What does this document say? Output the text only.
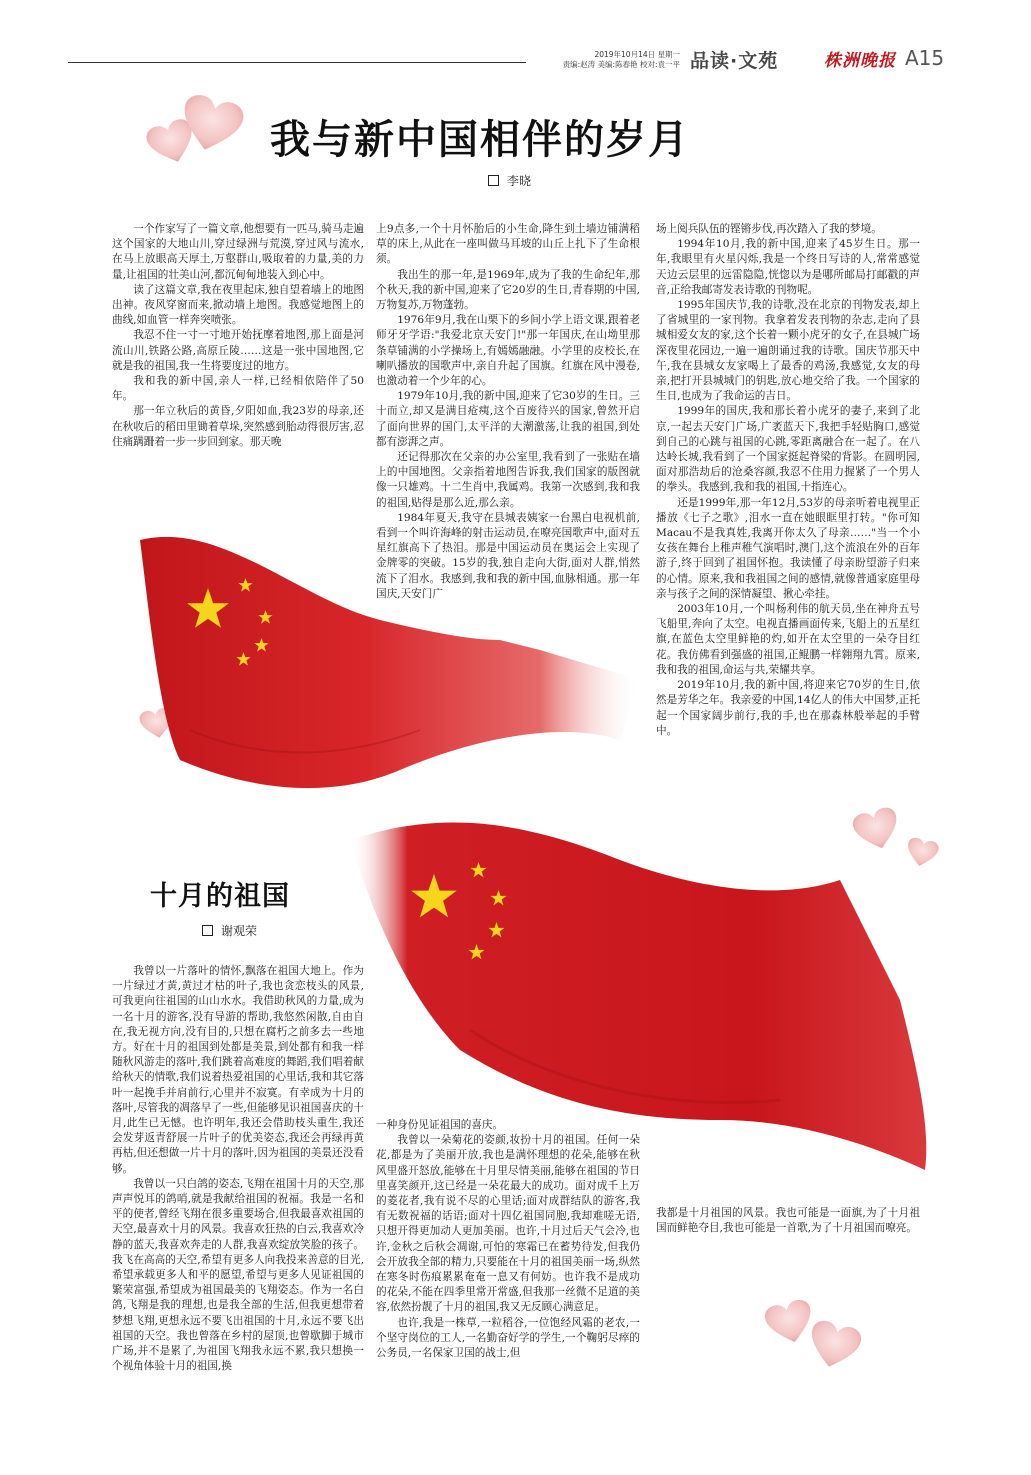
2019年10月14日 星期一
责编:赵涛 美编:陈春艳 校对:袁一平 品读·文苑	株洲晚报 A15
我与新中国相伴的岁月
李晓

一个作家写了一篇文章,他想要有一匹马,骑马走遍这个国家的大地山川,穿过绿洲与荒漠,穿过风与流水,在马上放眼高天厚土,万壑群山,吸取着的力量,美的力量,让祖国的壮美山河,都沉甸甸地装入到心中。

读了这篇文章,我在夜里起床,独自望着墙上的地图出神。夜风穿窗而来,掀动墙上地图。我感觉地图上的曲线,如血管一样奔突喷张。

我忍不住一寸一寸地开始抚摩着地图,那上面是河流山川,铁路公路,高原丘陵……这是一张中国地图,它就是我的祖国,我一生将要度过的地方。

我和我的新中国,亲人一样,已经相依陪伴了50年。

那一年立秋后的黄昏,夕阳如血,我23岁的母亲,还在秋收后的稻田里锄着草垛,突然感到胎动得很厉害,忍住痛蹒跚着一步一步回到家。那天晚

上9点多,一个十月怀胎后的小生命,降生到土墙边铺满稻草的床上,从此在一座叫做马耳坡的山丘上扎下了生命根须。

我出生的那一年,是1969年,成为了我的生命纪年,那个秋天,我的新中国,迎来了它20岁的生日,青春期的中国,万物复苏,万物蓬勃。

1976年9月,我在山栗下的乡间小学上语文课,跟着老师牙牙学语:"我爱北京天安门!"那一年国庆,在山坳里那条草铺满的小学操场上,有嫣嫣融融。小学里的皮校长,在喇叭播放的国歌声中,亲自升起了国旗。红旗在风中漫卷,也激动着一个少年的心。

1979年10月,我的新中国,迎来了它30岁的生日。三十而立,却又是满目疮痍,这个百废待兴的国家,曾然开启了面向世界的国门,太平洋的大潮激荡,让我的祖国,到处都有澎湃之声。

还记得那次在父亲的办公室里,我看到了一张贴在墙上的中国地图。父亲指着地图告诉我,我们国家的版图就像一只雄鸡。十二生肖中,我属鸡。我第一次感到,我和我的祖国,贴得是那么近,那么亲。

1984年夏天,我守在县城表姨家一台黑白电视机前,看到一个叫许海峰的射击运动员,在嘹亮国歌声中,面对五星红旗高下了热泪。那是中国运动员在奥运会上实现了金牌零的突破。15岁的我,独自走向大街,面对人群,悄然流下了泪水。我感到,我和我的新中国,血脉相通。那一年国庆,天安门广

场上阅兵队伍的铿锵步伐,再次踏入了我的梦境。

1994年10月,我的新中国,迎来了45岁生日。那一年,我眼里有火星闪烁,我是一个终日写诗的人,常常感觉天边云层里的远雷隐隐,恍惚以为是哪所邮局打邮戳的声音,正给我邮寄发表诗歌的刊物呢。

1995年国庆节,我的诗歌,没在北京的刊物发表,却上了省城里的一家刊物。我拿着发表刊物的杂志,走向了县城相爱女友的家,这个长着一颗小虎牙的女子,在县城广场深夜里花园边,一遍一遍朗诵过我的诗歌。国庆节那天中午,我在县城女友家喝上了最香的鸡汤,我感觉,女友的母亲,把打开县城城门的钥匙,放心地交给了我。一个国家的生日,也成为了我命运的吉日。

1999年的国庆,我和那长着小虎牙的妻子,来到了北京,一起去天安门广场,广袤蓝天下,我把手轻贴胸口,感觉到自己的心跳与祖国的心跳,零距离融合在一起了。在八达岭长城,我看到了一个国家挺起脊梁的背影。在圆明园,面对那浩劫后的沧桑容颜,我忍不住用力握紧了一个男人的拳头。我感到,我和我的祖国,十指连心。

还是1999年,那一年12月,53岁的母亲听着电视里正播放《七子之歌》,泪水一直在她眼眶里打转。"你可知Macau不是我真姓,我离开你太久了母亲……"当一个小女孩在舞台上稚声稚气演唱时,澳门,这个流浪在外的百年游子,终于回到了祖国怀抱。我读懂了母亲盼望游子归来的心情。原来,我和我祖国之间的感情,就像普通家庭里母亲与孩子之间的深情凝望、揪心牵挂。

2003年10月,一个叫杨利伟的航天员,坐在神舟五号飞船里,奔向了太空。电视直播画面传来,飞船上的五星红旗,在蓝色太空里鲜艳的灼,如开在太空里的一朵夺目红花。我仿佛看到强盛的祖国,正鲲鹏一样翱翔九霄。原来,我和我的祖国,命运与共,荣耀共享。

2019年10月,我的新中国,将迎来它70岁的生日,依然是芳华之年。我亲爱的中国,14亿人的伟大中国梦,正托起一个国家阔步前行,我的手,也在那森林般举起的手臂中。

十月的祖国
谢观荣

我曾以一片落叶的情怀,飘落在祖国大地上。作为一片绿过才黄,黄过才枯的叶子,我也贪恋枝头的风景,可我更向往祖国的山山水水。我借助秋风的力量,成为一名十月的游客,没有导游的帮助,我悠然闲散,自由自在,我无视方向,没有目的,只想在腐朽之前多去一些地方。好在十月的祖国到处都是美景,到处都有和我一样随秋风游走的落叶,我们跳着高难度的舞蹈,我们唱着献给秋天的情歌,我们说着热爱祖国的心里话,我和其它落叶一起挽手并肩前行,心里并不寂寞。有幸成为十月的落叶,尽管我的凋落早了一些,但能够见识祖国喜庆的十月,此生已无憾。也许明年,我还会借助枝头重生,我还会发芽返青舒展一片叶子的优美姿态,我还会再绿再黄再枯,但还想做一片十月的落叶,因为祖国的美景还没看够。

我曾以一只白鸽的姿态,飞翔在祖国十月的天空,那声声悦耳的鸽哨,就是我献给祖国的祝福。我是一名和平的使者,曾经飞翔在很多重要场合,但我最喜欢祖国的天空,最喜欢十月的风景。我喜欢狂热的白云,我喜欢冷静的蓝天,我喜欢奔走的人群,我喜欢绽放笑脸的孩子。我飞在高高的天空,希望有更多人向我投来善意的目光,希望承载更多人和平的愿望,希望与更多人见证祖国的繁荣富强,希望成为祖国最美的飞翔姿态。作为一名白鸽,飞翔是我的理想,也是我全部的生活,但我更想带着梦想飞翔,更想永远不要飞出祖国的十月,永远不要飞出祖国的天空。我也曾落在乡村的屋顶,也曾歇脚于城市广场,并不是累了,为祖国飞翔我永远不累,我只想换一个视角体验十月的祖国,换

一种身份见证祖国的喜庆。

我曾以一朵菊花的姿颜,妆扮十月的祖国。任何一朵花,都是为了美丽开放,我也是满怀理想的花朵,能够在秋风里盛开怒放,能够在十月里尽情美丽,能够在祖国的节日里喜笑颜开,这已经是一朵花最大的成功。面对成千上万的菱花者,我有说不尽的心里话;面对成群结队的游客,我有无数祝福的话语;面对十四亿祖国同胞,我却难嗟无语,只想开得更加动人更加美丽。也许,十月过后天气会冷,也许,金秋之后秋会凋谢,可怕的寒霜已在蓄势待发,但我仍会开放我全部的精力,只要能在十月的祖国美丽一场,纵然在寒冬时伤痕累累奄奄一息又有何妨。也许我不是成功的花朵,不能在四季里常开常盛,但我那一丝微不足道的美容,依然扮靓了十月的祖国,我又无反顾心满意足。

也许,我是一株草,一粒稻谷,一位饱经风霜的老农,一个坚守岗位的工人,一名勤奋好学的学生,一个鞠躬尽瘁的公务员,一名保家卫国的战士,但

我都是十月祖国的风景。我也可能是一面旗,为了十月祖国而鲜艳夺目,我也可能是一首歌,为了十月祖国而嘹亮。
